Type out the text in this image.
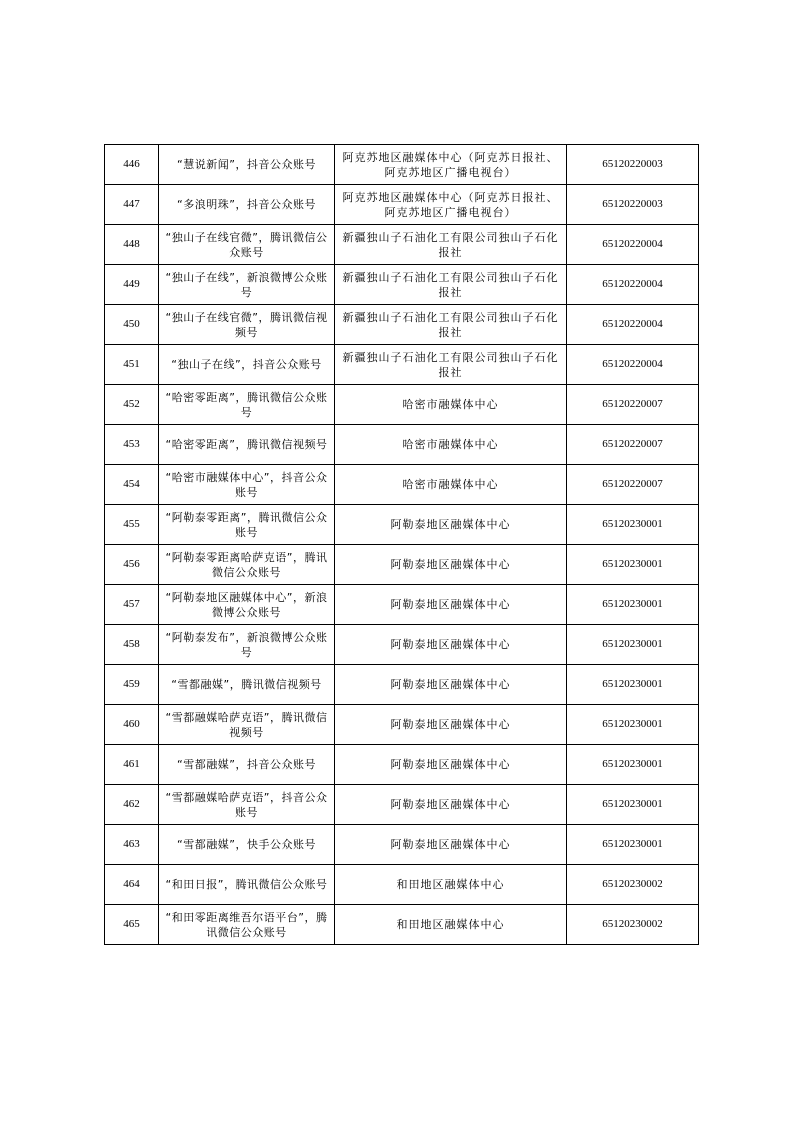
446	“慧说新闻”，抖音公众账号	阿克苏地区融媒体中心（阿克苏日报社、阿克苏地区广播电视台）	65120220003
447	“多浪明珠”，抖音公众账号	阿克苏地区融媒体中心（阿克苏日报社、阿克苏地区广播电视台）	65120220003
448	“独山子在线官微”，腾讯微信公众账号	新疆独山子石油化工有限公司独山子石化报社	65120220004
449	“独山子在线”，新浪微博公众账号	新疆独山子石油化工有限公司独山子石化报社	65120220004
450	“独山子在线官微”，腾讯微信视频号	新疆独山子石油化工有限公司独山子石化报社	65120220004
451	“独山子在线”，抖音公众账号	新疆独山子石油化工有限公司独山子石化报社	65120220004
452	“哈密零距离”，腾讯微信公众账号	哈密市融媒体中心	65120220007
453	“哈密零距离”，腾讯微信视频号	哈密市融媒体中心	65120220007
454	“哈密市融媒体中心”，抖音公众账号	哈密市融媒体中心	65120220007
455	“阿勒泰零距离”，腾讯微信公众账号	阿勒泰地区融媒体中心	65120230001
456	“阿勒泰零距离哈萨克语”，腾讯微信公众账号	阿勒泰地区融媒体中心	65120230001
457	“阿勒泰地区融媒体中心”，新浪微博公众账号	阿勒泰地区融媒体中心	65120230001
458	“阿勒泰发布”，新浪微博公众账号	阿勒泰地区融媒体中心	65120230001
459	“雪都融媒”，腾讯微信视频号	阿勒泰地区融媒体中心	65120230001
460	“雪都融媒哈萨克语”，腾讯微信视频号	阿勒泰地区融媒体中心	65120230001
461	“雪都融媒”，抖音公众账号	阿勒泰地区融媒体中心	65120230001
462	“雪都融媒哈萨克语”，抖音公众账号	阿勒泰地区融媒体中心	65120230001
463	“雪都融媒”，快手公众账号	阿勒泰地区融媒体中心	65120230001
464	“和田日报”，腾讯微信公众账号	和田地区融媒体中心	65120230002
465	“和田零距离维吾尔语平台”，腾讯微信公众账号	和田地区融媒体中心	65120230002
